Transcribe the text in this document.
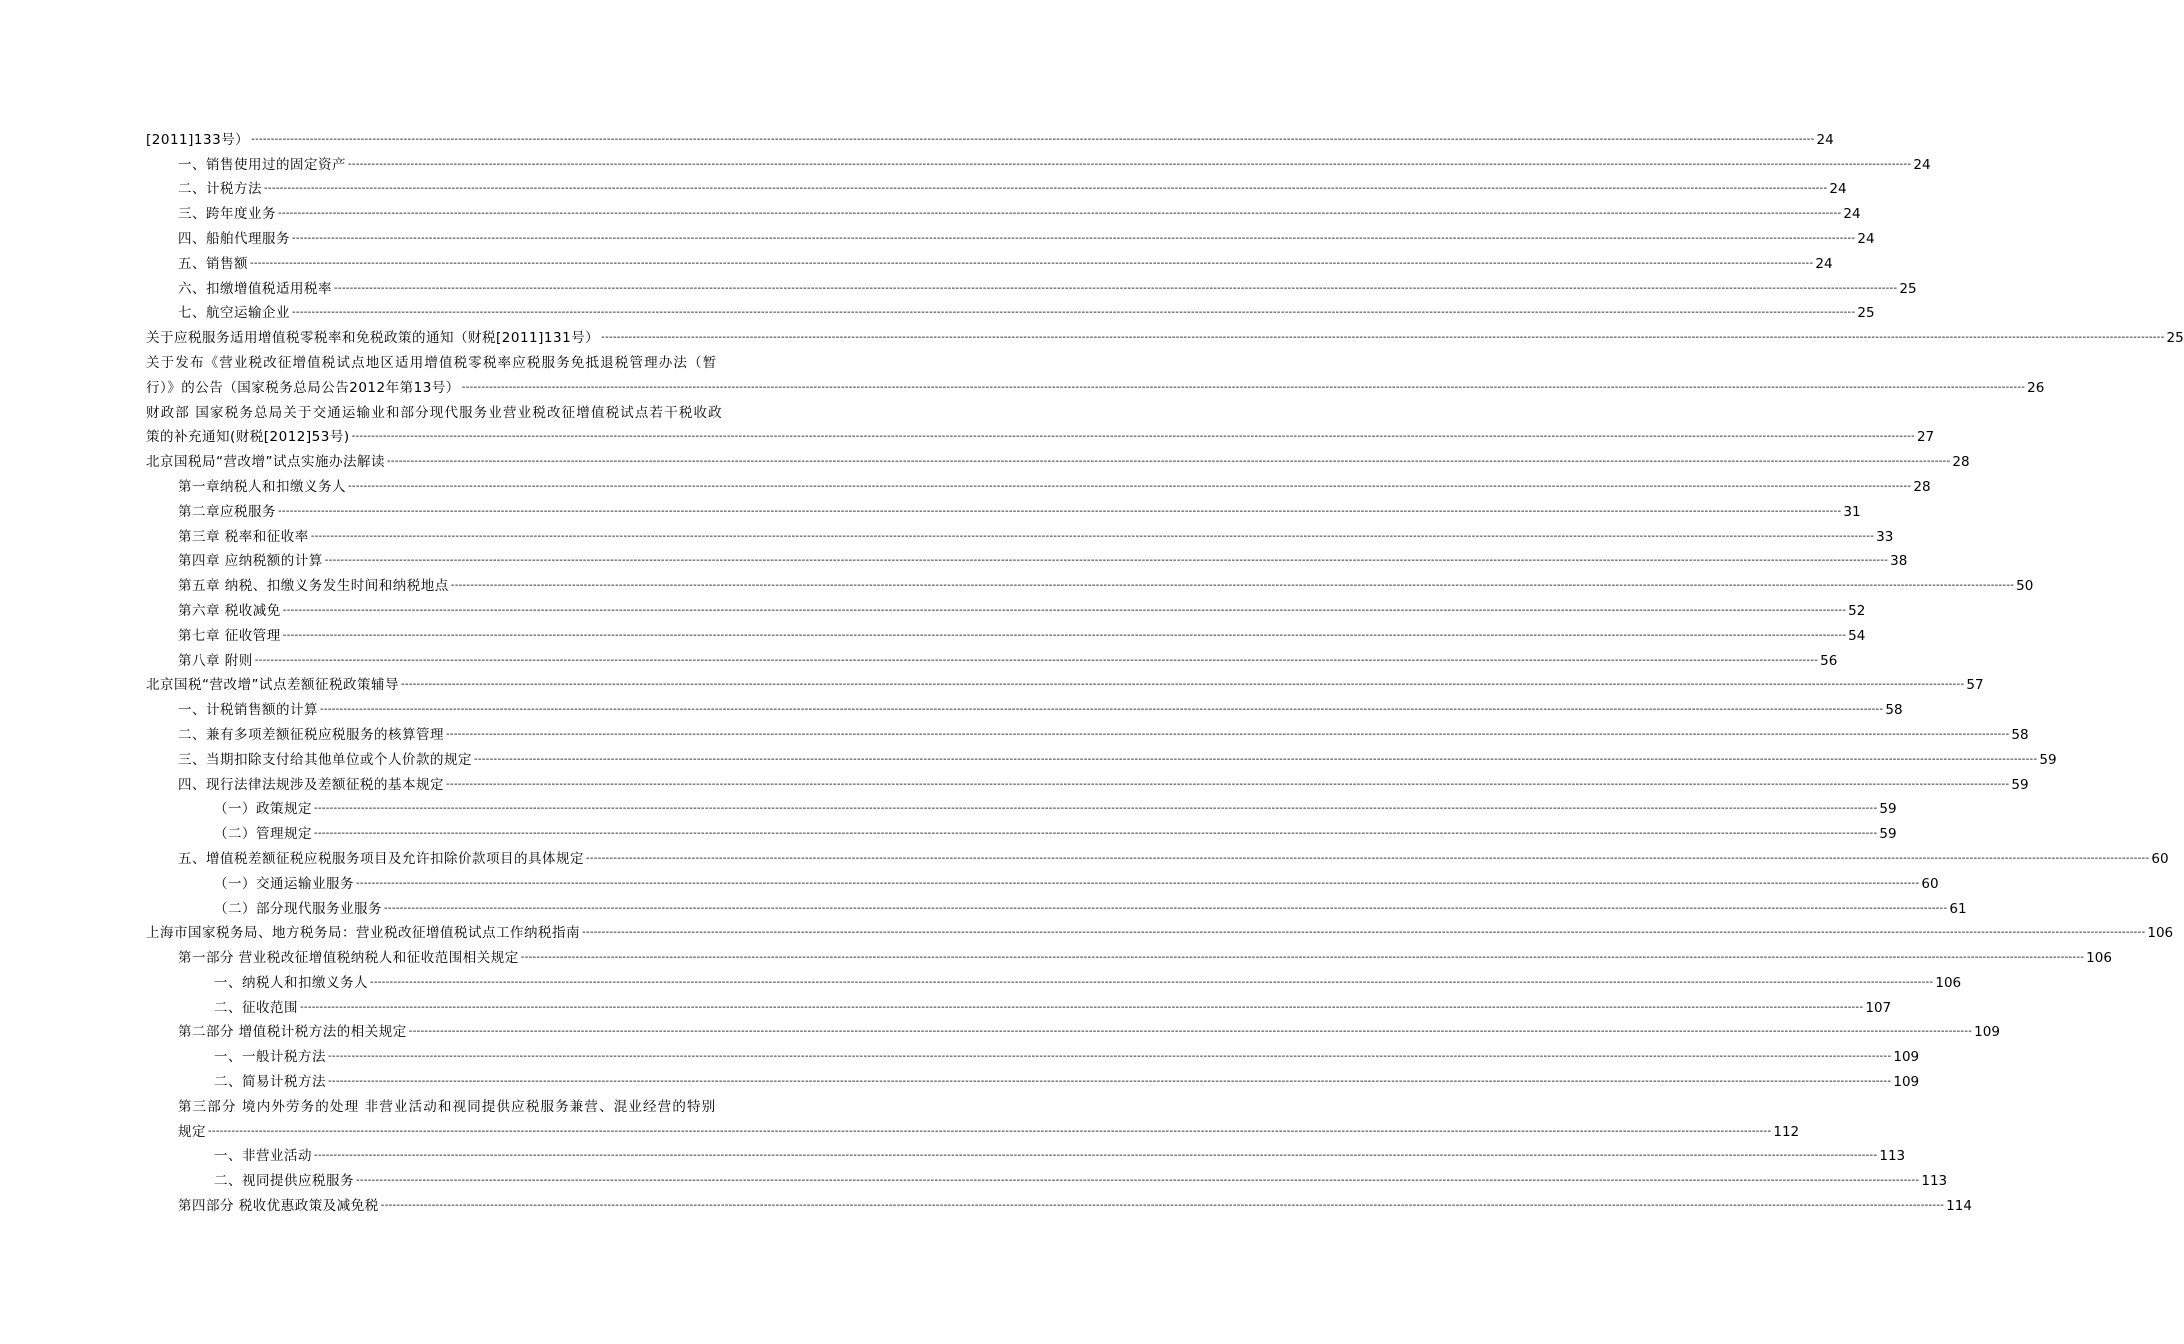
[2011]133号） ---------------------------------------------------------------------------------------------------------------------------------------------------------------------------------------------------------------------------------------------------------------------------------------------------------------------------------------------------------------------------------------------------------------- 24
一、销售使用过的固定资产 ---------------------------------------------------------------------------------------------------------------------------------------------------------------------------------------------------------------------------------------------------------------------------------------------------------------------------------------------------------------------------------------------------------------- 24
二、计税方法 ---------------------------------------------------------------------------------------------------------------------------------------------------------------------------------------------------------------------------------------------------------------------------------------------------------------------------------------------------------------------------------------------------------------- 24
三、跨年度业务 ---------------------------------------------------------------------------------------------------------------------------------------------------------------------------------------------------------------------------------------------------------------------------------------------------------------------------------------------------------------------------------------------------------------- 24
四、船舶代理服务 ---------------------------------------------------------------------------------------------------------------------------------------------------------------------------------------------------------------------------------------------------------------------------------------------------------------------------------------------------------------------------------------------------------------- 24
五、销售额 ---------------------------------------------------------------------------------------------------------------------------------------------------------------------------------------------------------------------------------------------------------------------------------------------------------------------------------------------------------------------------------------------------------------- 24
六、扣缴增值税适用税率 ---------------------------------------------------------------------------------------------------------------------------------------------------------------------------------------------------------------------------------------------------------------------------------------------------------------------------------------------------------------------------------------------------------------- 25
七、航空运输企业 ---------------------------------------------------------------------------------------------------------------------------------------------------------------------------------------------------------------------------------------------------------------------------------------------------------------------------------------------------------------------------------------------------------------- 25
关于应税服务适用增值税零税率和免税政策的通知（财税[2011]131号） ---------------------------------------------------------------------------------------------------------------------------------------------------------------------------------------------------------------------------------------------------------------------------------------------------------------------------------------------------------------------------------------------------------------- 25
关于发布《营业税改征增值税试点地区适用增值税零税率应税服务免抵退税管理办法（暂
行）》的公告（国家税务总局公告2012年第13号） ---------------------------------------------------------------------------------------------------------------------------------------------------------------------------------------------------------------------------------------------------------------------------------------------------------------------------------------------------------------------------------------------------------------- 26
财政部 国家税务总局关于交通运输业和部分现代服务业营业税改征增值税试点若干税收政
策的补充通知(财税[2012]53号) ---------------------------------------------------------------------------------------------------------------------------------------------------------------------------------------------------------------------------------------------------------------------------------------------------------------------------------------------------------------------------------------------------------------- 27
北京国税局“营改增”试点实施办法解读 ---------------------------------------------------------------------------------------------------------------------------------------------------------------------------------------------------------------------------------------------------------------------------------------------------------------------------------------------------------------------------------------------------------------- 28
第一章纳税人和扣缴义务人 ---------------------------------------------------------------------------------------------------------------------------------------------------------------------------------------------------------------------------------------------------------------------------------------------------------------------------------------------------------------------------------------------------------------- 28
第二章应税服务 ---------------------------------------------------------------------------------------------------------------------------------------------------------------------------------------------------------------------------------------------------------------------------------------------------------------------------------------------------------------------------------------------------------------- 31
第三章 税率和征收率 ---------------------------------------------------------------------------------------------------------------------------------------------------------------------------------------------------------------------------------------------------------------------------------------------------------------------------------------------------------------------------------------------------------------- 33
第四章 应纳税额的计算 ---------------------------------------------------------------------------------------------------------------------------------------------------------------------------------------------------------------------------------------------------------------------------------------------------------------------------------------------------------------------------------------------------------------- 38
第五章 纳税、扣缴义务发生时间和纳税地点 ---------------------------------------------------------------------------------------------------------------------------------------------------------------------------------------------------------------------------------------------------------------------------------------------------------------------------------------------------------------------------------------------------------------- 50
第六章 税收减免 ---------------------------------------------------------------------------------------------------------------------------------------------------------------------------------------------------------------------------------------------------------------------------------------------------------------------------------------------------------------------------------------------------------------- 52
第七章 征收管理 ---------------------------------------------------------------------------------------------------------------------------------------------------------------------------------------------------------------------------------------------------------------------------------------------------------------------------------------------------------------------------------------------------------------- 54
第八章 附则 ---------------------------------------------------------------------------------------------------------------------------------------------------------------------------------------------------------------------------------------------------------------------------------------------------------------------------------------------------------------------------------------------------------------- 56
北京国税“营改增”试点差额征税政策辅导 ---------------------------------------------------------------------------------------------------------------------------------------------------------------------------------------------------------------------------------------------------------------------------------------------------------------------------------------------------------------------------------------------------------------- 57
一、计税销售额的计算 ---------------------------------------------------------------------------------------------------------------------------------------------------------------------------------------------------------------------------------------------------------------------------------------------------------------------------------------------------------------------------------------------------------------- 58
二、兼有多项差额征税应税服务的核算管理 ---------------------------------------------------------------------------------------------------------------------------------------------------------------------------------------------------------------------------------------------------------------------------------------------------------------------------------------------------------------------------------------------------------------- 58
三、当期扣除支付给其他单位或个人价款的规定 ---------------------------------------------------------------------------------------------------------------------------------------------------------------------------------------------------------------------------------------------------------------------------------------------------------------------------------------------------------------------------------------------------------------- 59
四、现行法律法规涉及差额征税的基本规定 ---------------------------------------------------------------------------------------------------------------------------------------------------------------------------------------------------------------------------------------------------------------------------------------------------------------------------------------------------------------------------------------------------------------- 59
（一）政策规定 ---------------------------------------------------------------------------------------------------------------------------------------------------------------------------------------------------------------------------------------------------------------------------------------------------------------------------------------------------------------------------------------------------------------- 59
（二）管理规定 ---------------------------------------------------------------------------------------------------------------------------------------------------------------------------------------------------------------------------------------------------------------------------------------------------------------------------------------------------------------------------------------------------------------- 59
五、增值税差额征税应税服务项目及允许扣除价款项目的具体规定 ---------------------------------------------------------------------------------------------------------------------------------------------------------------------------------------------------------------------------------------------------------------------------------------------------------------------------------------------------------------------------------------------------------------- 60
（一）交通运输业服务 ---------------------------------------------------------------------------------------------------------------------------------------------------------------------------------------------------------------------------------------------------------------------------------------------------------------------------------------------------------------------------------------------------------------- 60
（二）部分现代服务业服务 ---------------------------------------------------------------------------------------------------------------------------------------------------------------------------------------------------------------------------------------------------------------------------------------------------------------------------------------------------------------------------------------------------------------- 61
上海市国家税务局、地方税务局：营业税改征增值税试点工作纳税指南 ---------------------------------------------------------------------------------------------------------------------------------------------------------------------------------------------------------------------------------------------------------------------------------------------------------------------------------------------------------------------------------------------------------------- 106
第一部分 营业税改征增值税纳税人和征收范围相关规定 ---------------------------------------------------------------------------------------------------------------------------------------------------------------------------------------------------------------------------------------------------------------------------------------------------------------------------------------------------------------------------------------------------------------- 106
一、纳税人和扣缴义务人 ---------------------------------------------------------------------------------------------------------------------------------------------------------------------------------------------------------------------------------------------------------------------------------------------------------------------------------------------------------------------------------------------------------------- 106
二、征收范围 ---------------------------------------------------------------------------------------------------------------------------------------------------------------------------------------------------------------------------------------------------------------------------------------------------------------------------------------------------------------------------------------------------------------- 107
第二部分 增值税计税方法的相关规定 ---------------------------------------------------------------------------------------------------------------------------------------------------------------------------------------------------------------------------------------------------------------------------------------------------------------------------------------------------------------------------------------------------------------- 109
一、一般计税方法 ---------------------------------------------------------------------------------------------------------------------------------------------------------------------------------------------------------------------------------------------------------------------------------------------------------------------------------------------------------------------------------------------------------------- 109
二、简易计税方法 ---------------------------------------------------------------------------------------------------------------------------------------------------------------------------------------------------------------------------------------------------------------------------------------------------------------------------------------------------------------------------------------------------------------- 109
第三部分 境内外劳务的处理 非营业活动和视同提供应税服务兼营、混业经营的特别
规定 ---------------------------------------------------------------------------------------------------------------------------------------------------------------------------------------------------------------------------------------------------------------------------------------------------------------------------------------------------------------------------------------------------------------- 112
一、非营业活动 ---------------------------------------------------------------------------------------------------------------------------------------------------------------------------------------------------------------------------------------------------------------------------------------------------------------------------------------------------------------------------------------------------------------- 113
二、视同提供应税服务 ---------------------------------------------------------------------------------------------------------------------------------------------------------------------------------------------------------------------------------------------------------------------------------------------------------------------------------------------------------------------------------------------------------------- 113
第四部分 税收优惠政策及减免税 ---------------------------------------------------------------------------------------------------------------------------------------------------------------------------------------------------------------------------------------------------------------------------------------------------------------------------------------------------------------------------------------------------------------- 114
